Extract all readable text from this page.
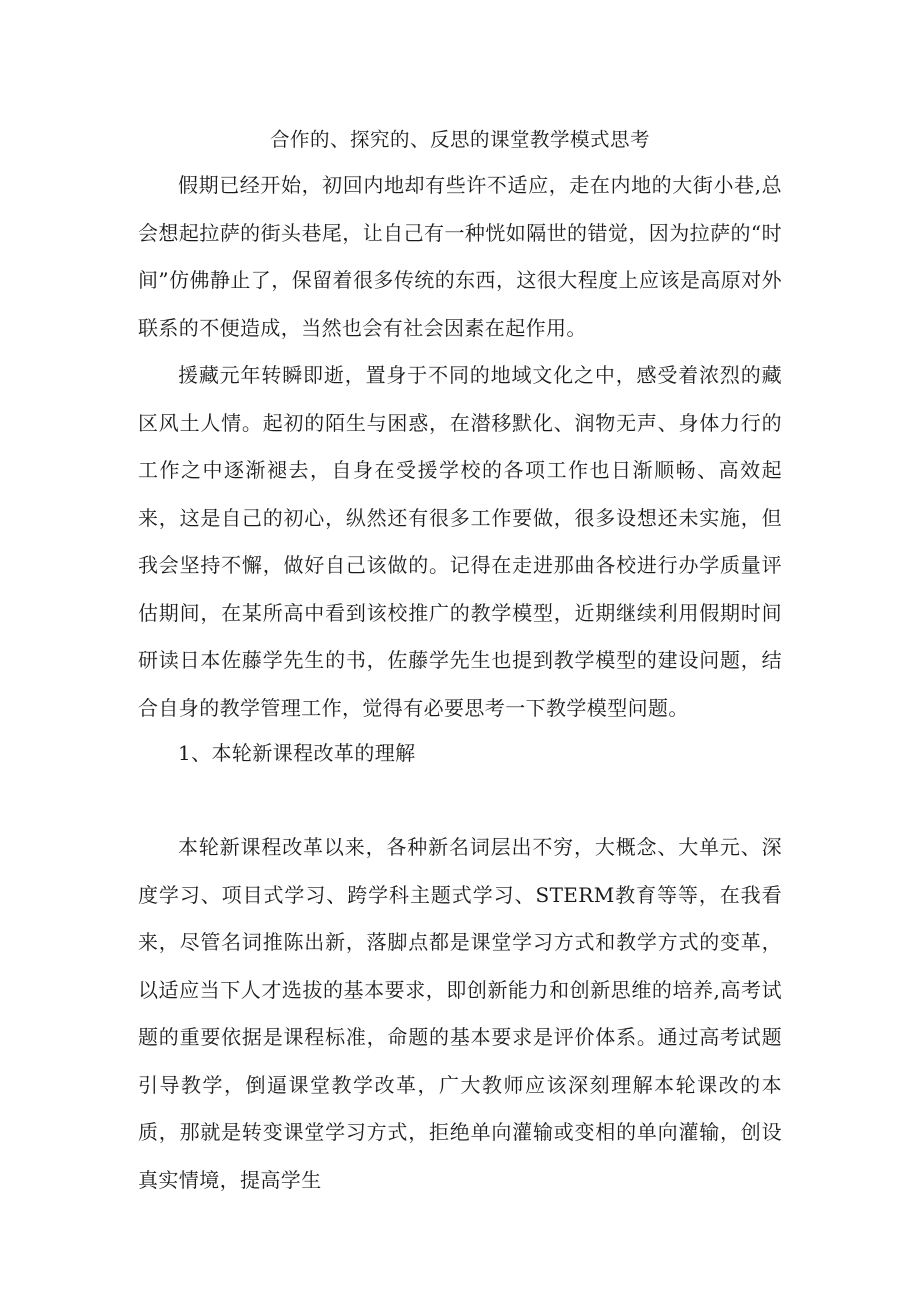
合作的、探究的、反思的课堂教学模式思考

假期已经开始，初回内地却有些许不适应，走在内地的大街小巷,总会想起拉萨的街头巷尾，让自己有一种恍如隔世的错觉，因为拉萨的“时间”仿佛静止了，保留着很多传统的东西，这很大程度上应该是高原对外联系的不便造成，当然也会有社会因素在起作用。

援藏元年转瞬即逝，置身于不同的地域文化之中，感受着浓烈的藏区风土人情。起初的陌生与困惑，在潜移默化、润物无声、身体力行的工作之中逐渐褪去，自身在受援学校的各项工作也日渐顺畅、高效起来，这是自己的初心，纵然还有很多工作要做，很多设想还未实施，但我会坚持不懈，做好自己该做的。记得在走进那曲各校进行办学质量评估期间，在某所高中看到该校推广的教学模型，近期继续利用假期时间研读日本佐藤学先生的书，佐藤学先生也提到教学模型的建设问题，结合自身的教学管理工作，觉得有必要思考一下教学模型问题。

1、本轮新课程改革的理解

本轮新课程改革以来，各种新名词层出不穷，大概念、大单元、深度学习、项目式学习、跨学科主题式学习、STERM教育等等，在我看来，尽管名词推陈出新，落脚点都是课堂学习方式和教学方式的变革，以适应当下人才选拔的基本要求，即创新能力和创新思维的培养,高考试题的重要依据是课程标准，命题的基本要求是评价体系。通过高考试题引导教学，倒逼课堂教学改革，广大教师应该深刻理解本轮课改的本质，那就是转变课堂学习方式，拒绝单向灌输或变相的单向灌输，创设真实情境，提高学生
